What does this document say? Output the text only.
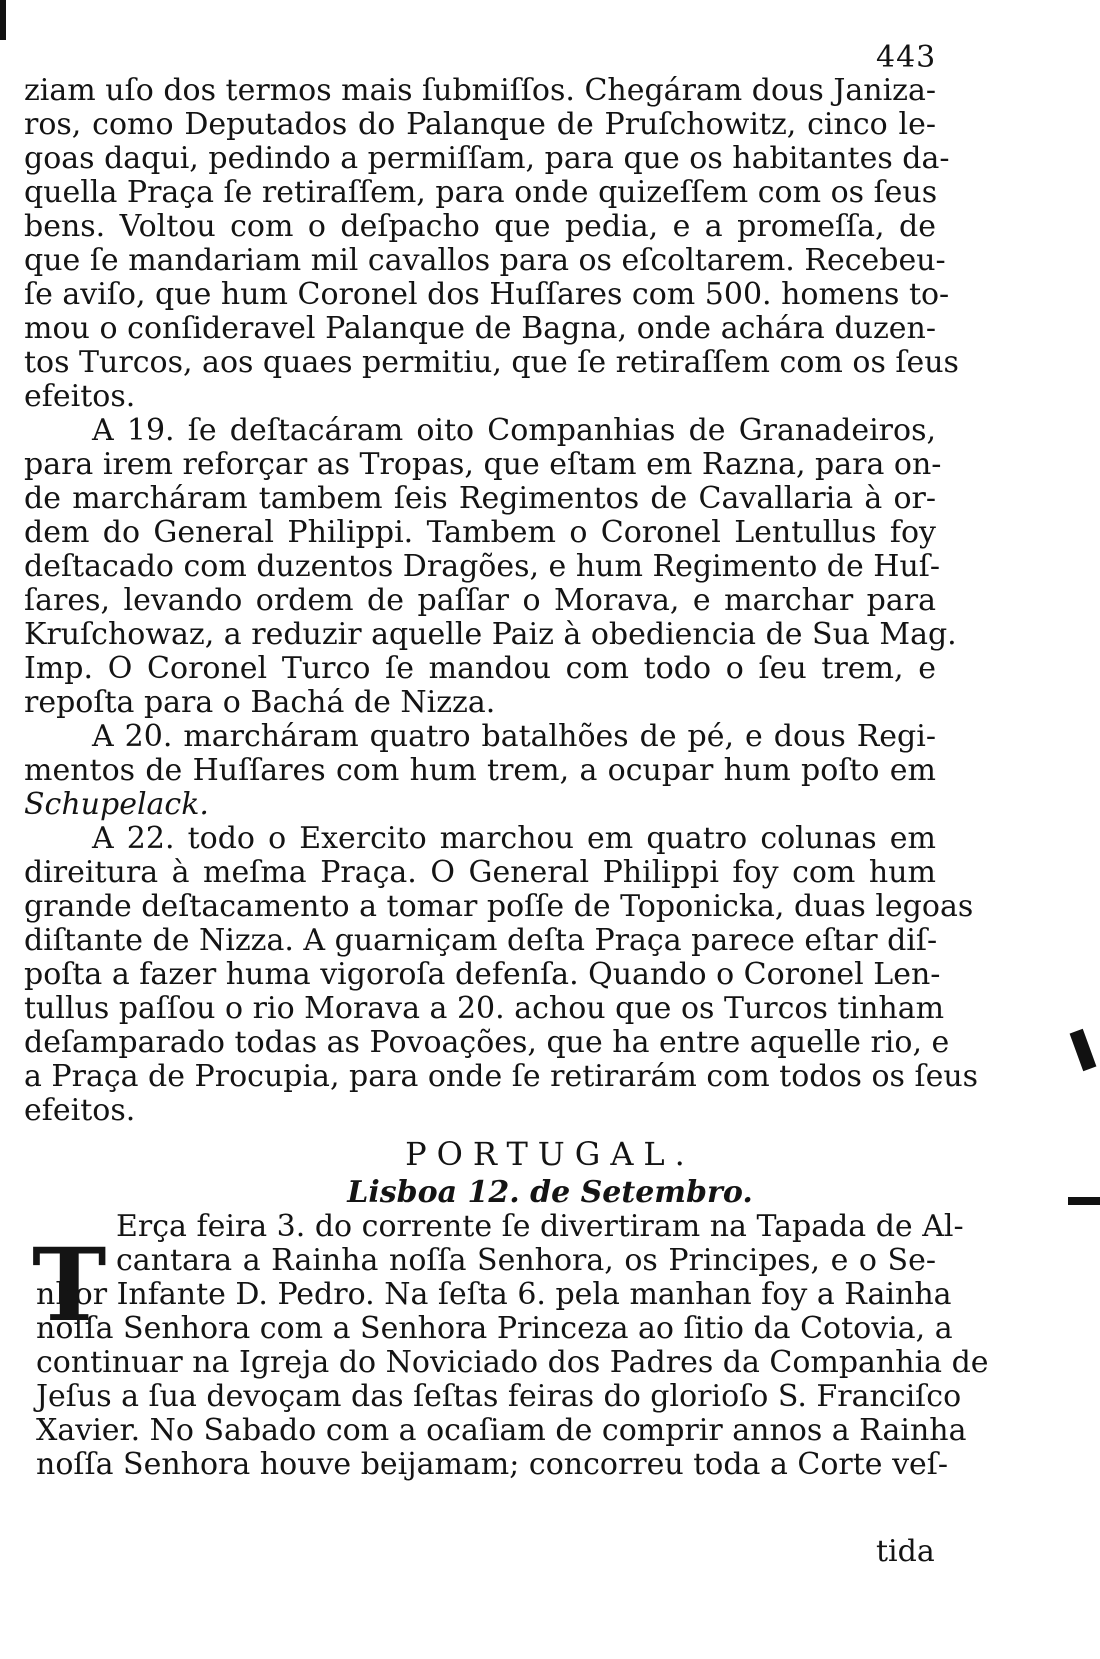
443
ziam uſo dos termos mais ſubmiſſos. Chegáram dous Janiza-
ros, como Deputados do Palanque de Pruſchowitz, cinco le-
goas daqui, pedindo a permiſſam, para que os habitantes da-
quella Praça ſe retiraſſem, para onde quizeſſem com os ſeus
bens. Voltou com o deſpacho que pedia, e a promeſſa, de
que ſe mandariam mil cavallos para os eſcoltarem. Recebeu-
ſe aviſo, que hum Coronel dos Huſſares com 500. homens to-
mou o conſideravel Palanque de Bagna, onde achára duzen-
tos Turcos, aos quaes permitiu, que ſe retiraſſem com os ſeus
efeitos.
A 19. ſe deſtacáram oito Companhias de Granadeiros,
para irem reforçar as Tropas, que eſtam em Razna, para on-
de marcháram tambem ſeis Regimentos de Cavallaria à or-
dem do General Philippi. Tambem o Coronel Lentullus foy
deſtacado com duzentos Dragões, e hum Regimento de Huſ-
ſares, levando ordem de paſſar o Morava, e marchar para
Kruſchowaz, a reduzir aquelle Paiz à obediencia de Sua Mag.
Imp. O Coronel Turco ſe mandou com todo o ſeu trem, e
repoſta para o Bachá de Nizza.
A 20. marcháram quatro batalhões de pé, e dous Regi-
mentos de Huſſares com hum trem, a ocupar hum poſto em
Schupelack.
A 22. todo o Exercito marchou em quatro colunas em
direitura à meſma Praça. O General Philippi foy com hum
grande deſtacamento a tomar poſſe de Toponicka, duas legoas
diſtante de Nizza. A guarniçam deſta Praça parece eſtar diſ-
poſta a fazer huma vigoroſa defenſa. Quando o Coronel Len-
tullus paſſou o rio Morava a 20. achou que os Turcos tinham
deſamparado todas as Povoações, que ha entre aquelle rio, e
a Praça de Procupia, para onde ſe retirarám com todos os ſeus
efeitos.
PORTUGAL.
Lisboa 12. de Setembro.
T Erça feira 3. do corrente ſe divertiram na Tapada de Al-
cantara a Rainha noſſa Senhora, os Principes, e o Se-
nhor Infante D. Pedro. Na ſeſta 6. pela manhan foy a Rainha
noſſa Senhora com a Senhora Princeza ao ſitio da Cotovia, a
continuar na Igreja do Noviciado dos Padres da Companhia de
Jeſus a ſua devoçam das ſeſtas feiras do glorioſo S. Franciſco
Xavier. No Sabado com a ocaſiam de comprir annos a Rainha
noſſa Senhora houve beijamam; concorreu toda a Corte veſ-
tida
